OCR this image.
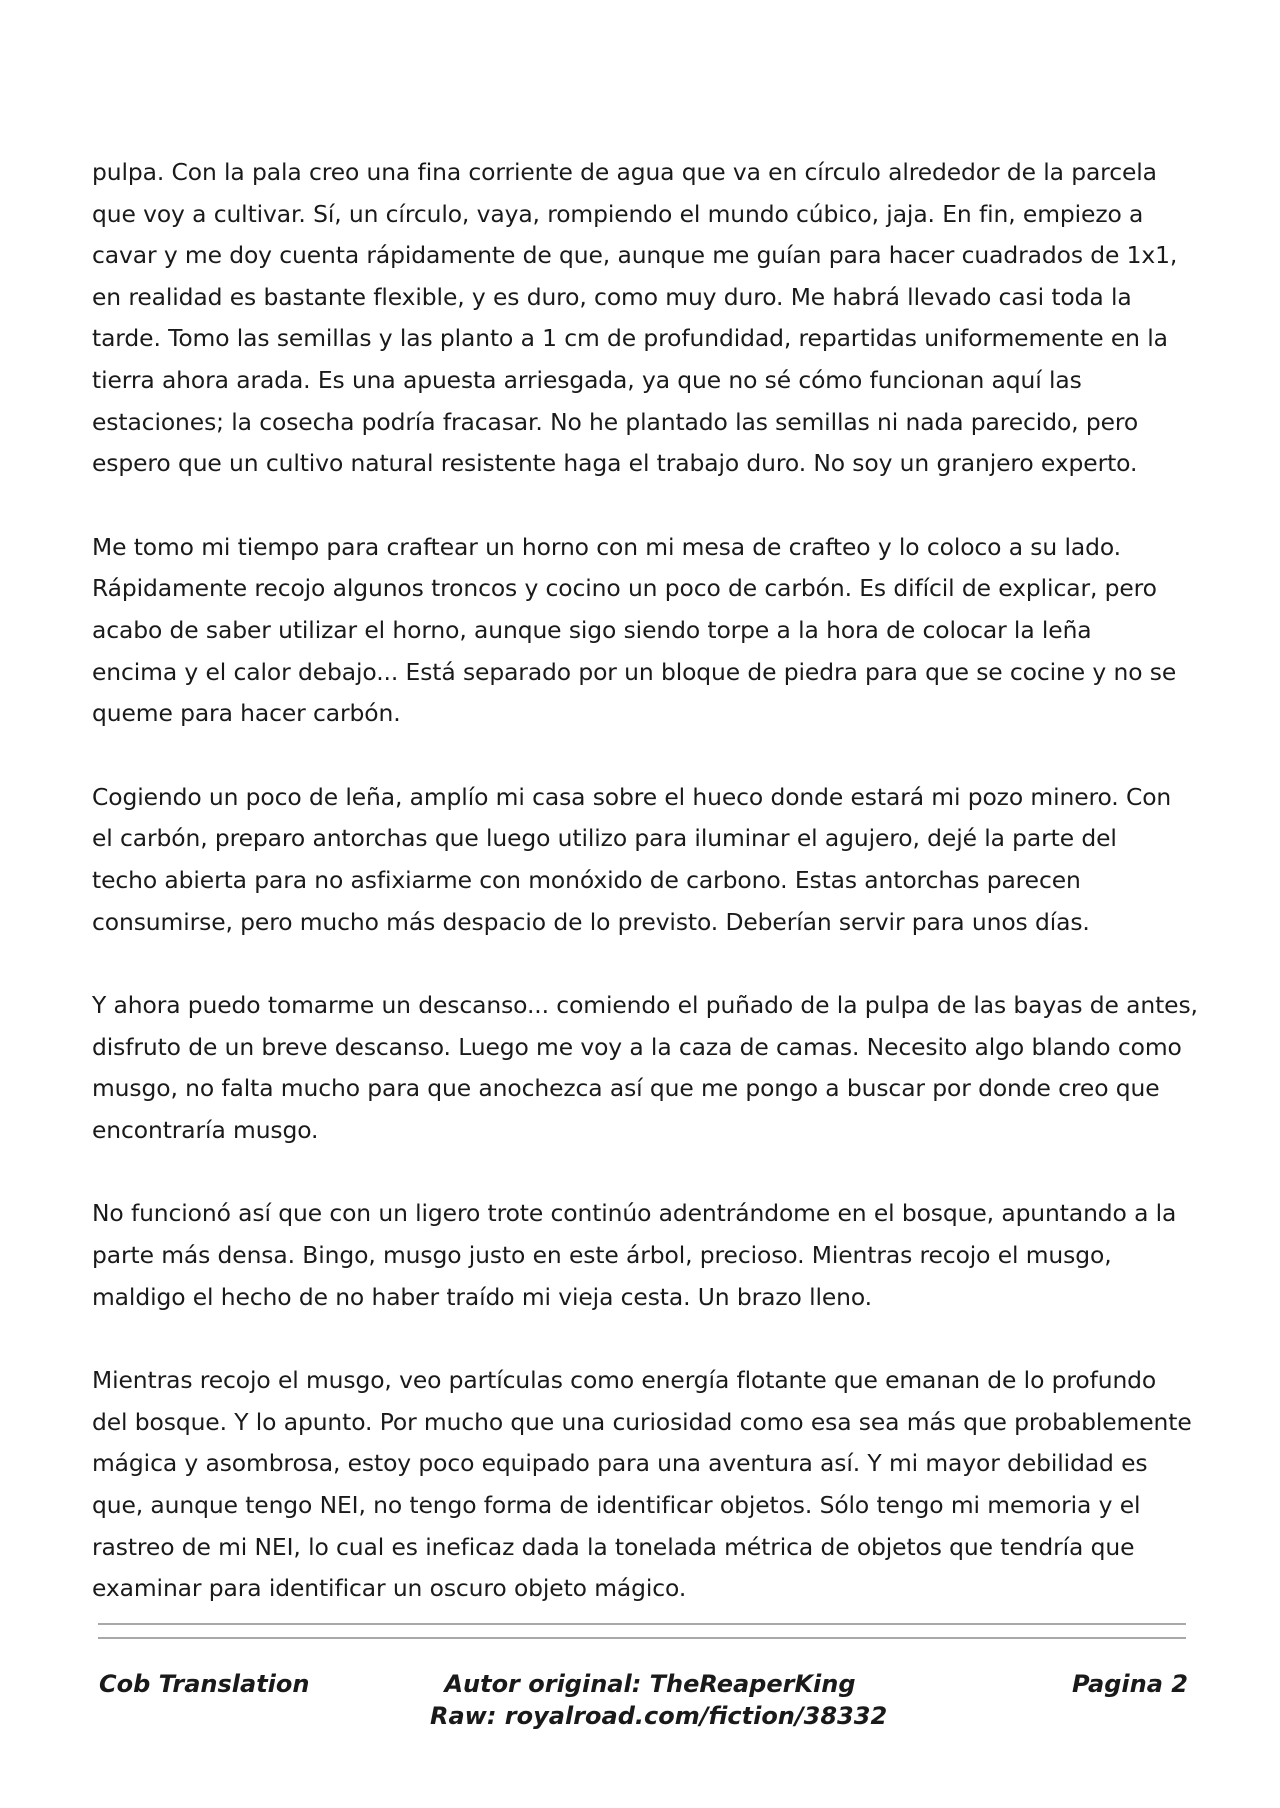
pulpa. Con la pala creo una fina corriente de agua que va en círculo alrededor de la parcela
que voy a cultivar. Sí, un círculo, vaya, rompiendo el mundo cúbico, jaja. En fin, empiezo a
cavar y me doy cuenta rápidamente de que, aunque me guían para hacer cuadrados de 1x1,
en realidad es bastante flexible, y es duro, como muy duro. Me habrá llevado casi toda la
tarde. Tomo las semillas y las planto a 1 cm de profundidad, repartidas uniformemente en la
tierra ahora arada. Es una apuesta arriesgada, ya que no sé cómo funcionan aquí las
estaciones; la cosecha podría fracasar. No he plantado las semillas ni nada parecido, pero
espero que un cultivo natural resistente haga el trabajo duro. No soy un granjero experto.

Me tomo mi tiempo para craftear un horno con mi mesa de crafteo y lo coloco a su lado.
Rápidamente recojo algunos troncos y cocino un poco de carbón. Es difícil de explicar, pero
acabo de saber utilizar el horno, aunque sigo siendo torpe a la hora de colocar la leña
encima y el calor debajo... Está separado por un bloque de piedra para que se cocine y no se
queme para hacer carbón.

Cogiendo un poco de leña, amplío mi casa sobre el hueco donde estará mi pozo minero. Con
el carbón, preparo antorchas que luego utilizo para iluminar el agujero, dejé la parte del
techo abierta para no asfixiarme con monóxido de carbono. Estas antorchas parecen
consumirse, pero mucho más despacio de lo previsto. Deberían servir para unos días.

Y ahora puedo tomarme un descanso... comiendo el puñado de la pulpa de las bayas de antes,
disfruto de un breve descanso. Luego me voy a la caza de camas. Necesito algo blando como
musgo, no falta mucho para que anochezca así que me pongo a buscar por donde creo que
encontraría musgo.

No funcionó así que con un ligero trote continúo adentrándome en el bosque, apuntando a la
parte más densa. Bingo, musgo justo en este árbol, precioso. Mientras recojo el musgo,
maldigo el hecho de no haber traído mi vieja cesta. Un brazo lleno.

Mientras recojo el musgo, veo partículas como energía flotante que emanan de lo profundo
del bosque. Y lo apunto. Por mucho que una curiosidad como esa sea más que probablemente
mágica y asombrosa, estoy poco equipado para una aventura así. Y mi mayor debilidad es
que, aunque tengo NEI, no tengo forma de identificar objetos. Sólo tengo mi memoria y el
rastreo de mi NEI, lo cual es ineficaz dada la tonelada métrica de objetos que tendría que
examinar para identificar un oscuro objeto mágico.

Cob Translation	Autor original: TheReaperKing
Raw: royalroad.com/fiction/38332
Pagina 2
